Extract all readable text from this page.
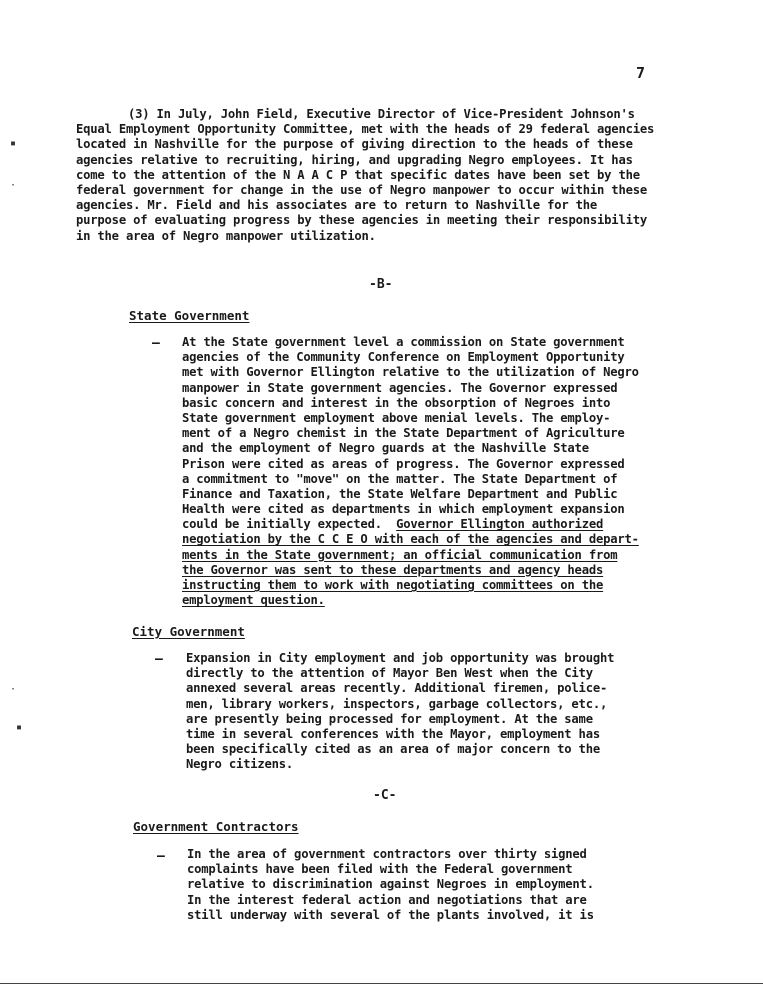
7
▪
·
·
▪
(3) In July, John Field, Executive Director of Vice-President Johnson's
Equal Employment Opportunity Committee, met with the heads of 29 federal agencies
located in Nashville for the purpose of giving direction to the heads of these
agencies relative to recruiting, hiring, and upgrading Negro employees. It has
come to the attention of the N A A C P that specific dates have been set by the
federal government for change in the use of Negro manpower to occur within these
agencies. Mr. Field and his associates are to return to Nashville for the
purpose of evaluating progress by these agencies in meeting their responsibility
in the area of Negro manpower utilization.
-B-
State Government
— At the State government level a commission on State government
agencies of the Community Conference on Employment Opportunity
met with Governor Ellington relative to the utilization of Negro
manpower in State government agencies. The Governor expressed
basic concern and interest in the obsorption of Negroes into
State government employment above menial levels. The employ-
ment of a Negro chemist in the State Department of Agriculture
and the employment of Negro guards at the Nashville State
Prison were cited as areas of progress. The Governor expressed
a commitment to "move" on the matter. The State Department of
Finance and Taxation, the State Welfare Department and Public
Health were cited as departments in which employment expansion
could be initially expected. Governor Ellington authorized
negotiation by the C C E O with each of the agencies and depart-
ments in the State government; an official communication from
the Governor was sent to these departments and agency heads
instructing them to work with negotiating committees on the
employment question.
City Government
— Expansion in City employment and job opportunity was brought
directly to the attention of Mayor Ben West when the City
annexed several areas recently. Additional firemen, police-
men, library workers, inspectors, garbage collectors, etc.,
are presently being processed for employment. At the same
time in several conferences with the Mayor, employment has
been specifically cited as an area of major concern to the
Negro citizens.
-C-
Government Contractors
— In the area of government contractors over thirty signed
complaints have been filed with the Federal government
relative to discrimination against Negroes in employment.
In the interest federal action and negotiations that are
still underway with several of the plants involved, it is
